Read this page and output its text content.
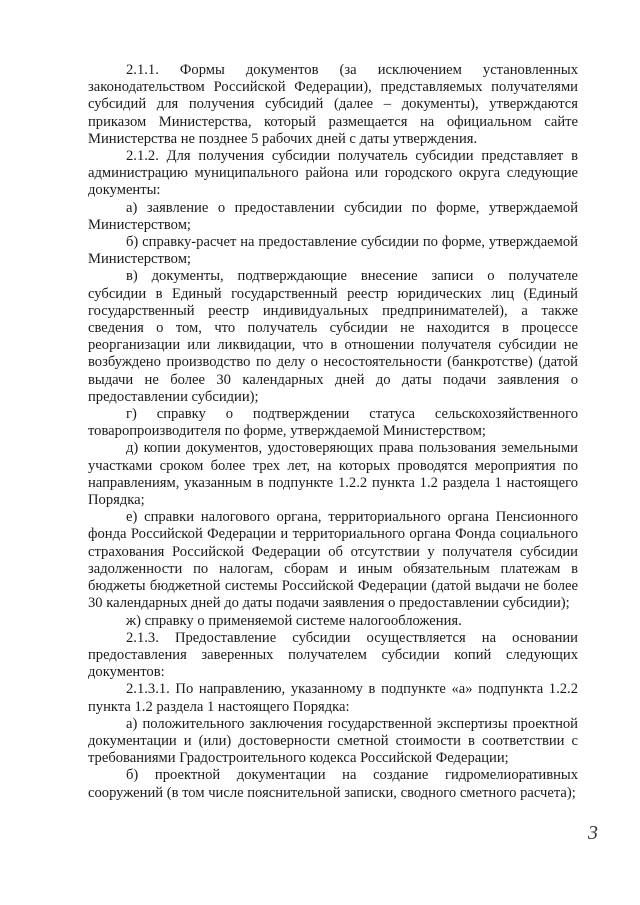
2.1.1. Формы документов (за исключением установленных законодательством Российской Федерации), представляемых получателями субсидий для получения субсидий (далее – документы), утверждаются приказом Министерства, который размещается на официальном сайте Министерства не позднее 5 рабочих дней с даты утверждения.

2.1.2. Для получения субсидии получатель субсидии представляет в администрацию муниципального района или городского округа следующие документы:

а) заявление о предоставлении субсидии по форме, утверждаемой Министерством;

б) справку-расчет на предоставление субсидии по форме, утверждаемой Министерством;

в) документы, подтверждающие внесение записи о получателе субсидии в Единый государственный реестр юридических лиц (Единый государственный реестр индивидуальных предпринимателей), а также сведения о том, что получатель субсидии не находится в процессе реорганизации или ликвидации, что в отношении получателя субсидии не возбуждено производство по делу о несостоятельности (банкротстве) (датой выдачи не более 30 календарных дней до даты подачи заявления о предоставлении субсидии);

г) справку о подтверждении статуса сельскохозяйственного товаропроизводителя по форме, утверждаемой Министерством;

д) копии документов, удостоверяющих права пользования земельными участками сроком более трех лет, на которых проводятся мероприятия по направлениям, указанным в подпункте 1.2.2 пункта 1.2 раздела 1 настоящего Порядка;

е) справки налогового органа, территориального органа Пенсионного фонда Российской Федерации и территориального органа Фонда социального страхования Российской Федерации об отсутствии у получателя субсидии задолженности по налогам, сборам и иным обязательным платежам в бюджеты бюджетной системы Российской Федерации (датой выдачи не более 30 календарных дней до даты подачи заявления о предоставлении субсидии);

ж) справку о применяемой системе налогообложения.

2.1.3. Предоставление субсидии осуществляется на основании предоставления заверенных получателем субсидии копий следующих документов:

2.1.3.1. По направлению, указанному в подпункте «а» подпункта 1.2.2 пункта 1.2 раздела 1 настоящего Порядка:

а) положительного заключения государственной экспертизы проектной документации и (или) достоверности сметной стоимости в соответствии с требованиями Градостроительного кодекса Российской Федерации;

б) проектной документации на создание гидромелиоративных сооружений (в том числе пояснительной записки, сводного сметного расчета);

3
